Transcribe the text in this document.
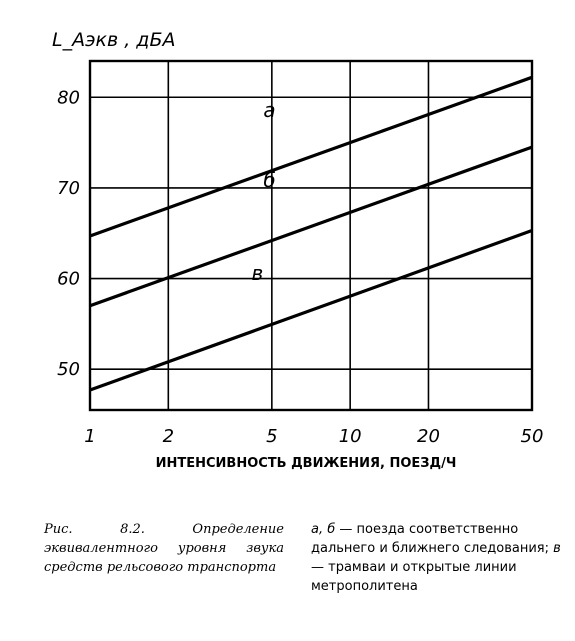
1	2	5	10	20	50
50
60
70
80
а
б
в
L_Aэкв , дБА
ИНТЕНСИВНОСТЬ ДВИЖЕНИЯ, ПОЕЗД/Ч
Рис. 8.2. Определение эквивалентного уровня звука средств рельсового транспорта
а, б — поезда соответственно дальнего и ближнего следования; в — трамваи и открытые линии метрополитена
